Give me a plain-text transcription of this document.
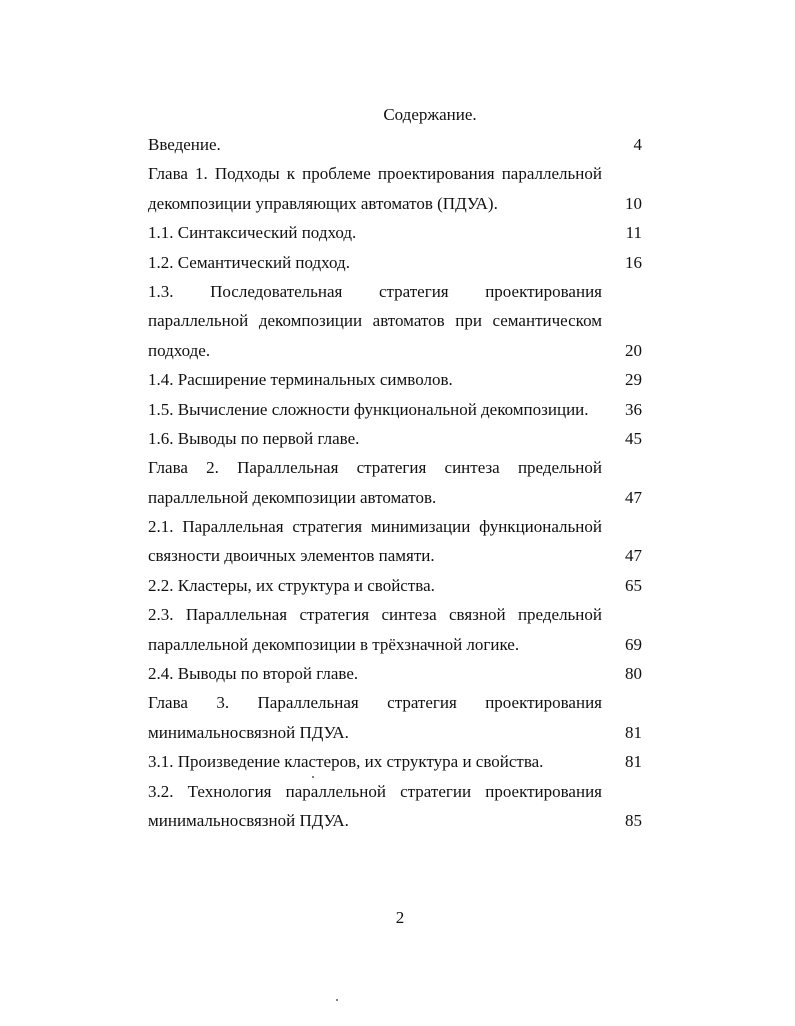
Содержание.
Введение.	4
Глава 1. Подходы к проблеме проектирования параллельной
декомпозиции управляющих автоматов (ПДУА).	10
1.1. Синтаксический подход.	11
1.2. Семантический подход.	16
1.3. Последовательная стратегия проектирования
параллельной декомпозиции автоматов при семантическом
подходе.	20
1.4. Расширение терминальных символов.	29
1.5. Вычисление сложности функциональной декомпозиции.	36
1.6. Выводы по первой главе.	45
Глава 2. Параллельная стратегия синтеза предельной
параллельной декомпозиции автоматов.	47
2.1. Параллельная стратегия минимизации функциональной
связности двоичных элементов памяти.	47
2.2. Кластеры, их структура и свойства.	65
2.3. Параллельная стратегия синтеза связной предельной
параллельной декомпозиции в трёхзначной логике.	69
2.4. Выводы по второй главе.	80
Глава 3. Параллельная стратегия проектирования
минимальносвязной ПДУА.	81
3.1. Произведение кластеров, их структура и свойства.	81
3.2. Технология параллельной стратегии проектирования
минимальносвязной ПДУА.	85
2
